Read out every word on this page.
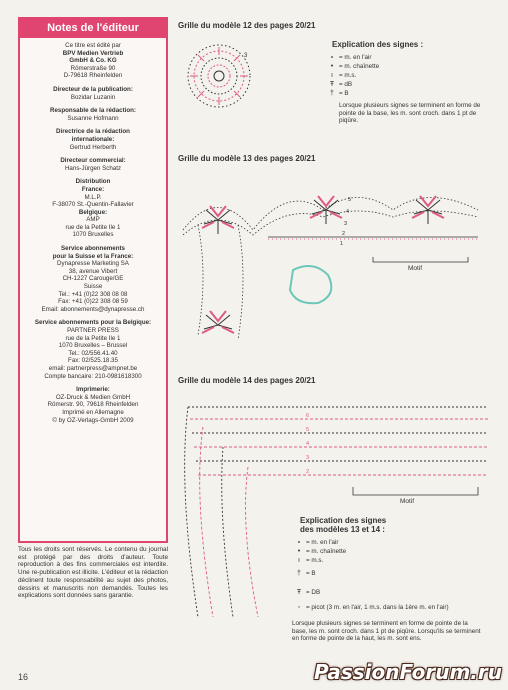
Notes de l'éditeur
Ce titre est édité par
BPV Medien Vertrieb
GmbH & Co. KG
Römerstraße 90
D-79618 Rheinfelden
Directeur de la publication:
Bozidar Luzanin
Responsable de la rédaction:
Susanne Hofmann
Directrice de la rédaction
internationale:
Gertrud Herberth
Directeur commercial:
Hans-Jürgen Schatz
Distribution
France:
M.L.P.
F-38070 St.-Quentin-Fallavier
Belgique:
AMP
rue de la Petite Ile 1
1070 Bruxelles
Service abonnements
pour la Suisse et la France:
Dynapresse Marketing SA
38, avenue Vibert
CH-1227 Carouge/GE
Suisse
Tel.: +41 (0)22 308 08 08
Fax: +41 (0)22 308 08 59
Email: abonnements@dynapresse.ch
Service abonnements pour la Belgique:
PARTNER PRESS
rue de la Petite Ile 1
1070 Bruxelles – Brussel
Tel.: 02/556.41.40
Fax: 02/525.18.35
email: partnerpress@ampnet.be
Compte bancaire: 210-0981618300
Imprimerie:
OZ-Druck & Medien GmbH
Römerstr. 90, 79618 Rheinfelden
Imprimé en Allemagne
© by OZ-Verlags-GmbH 2009
Tous les droits sont réservés. Le contenu du journal est protégé par des droits d'auteur. Toute reproduction à des fins commerciales est interdite. Une re-publication est illicite. L'éditeur et la rédaction déclinent toute responsabilité au sujet des photos, dessins et manuscrits non demandés. Toutes les explications sont données sans garantie.
16
Grille du modèle 12 des pages 20/21
3
Explication des signes :
∘ = m. en l'air
• = m. chaînette
ı = m.s.
Ŧ = dB
† = B
Lorsque plusieurs signes se terminent en forme de pointe de la base, les m. sont croch. dans 1 pt de piqûre.
Grille du modèle 13 des pages 20/21
Motif
5
4
3
2
1
Grille du modèle 14 des pages 20/21
Motif
6
5
4
3
2
Explication des signes
des modèles 13 et 14 :
∘ = m. en l'air
• = m. chaînette
ı = m.s.
† = B
Ŧ = DB
◦ = picot (3 m. en l'air, 1 m.s. dans la 1ère m. en l'air)
Lorsque plusieurs signes se terminent en forme de pointe de la base, les m. sont croch. dans 1 pt de piqûre. Lorsqu'ils se terminent en forme de pointe de la haut, les m. sont ens.
PassionForum.ru
